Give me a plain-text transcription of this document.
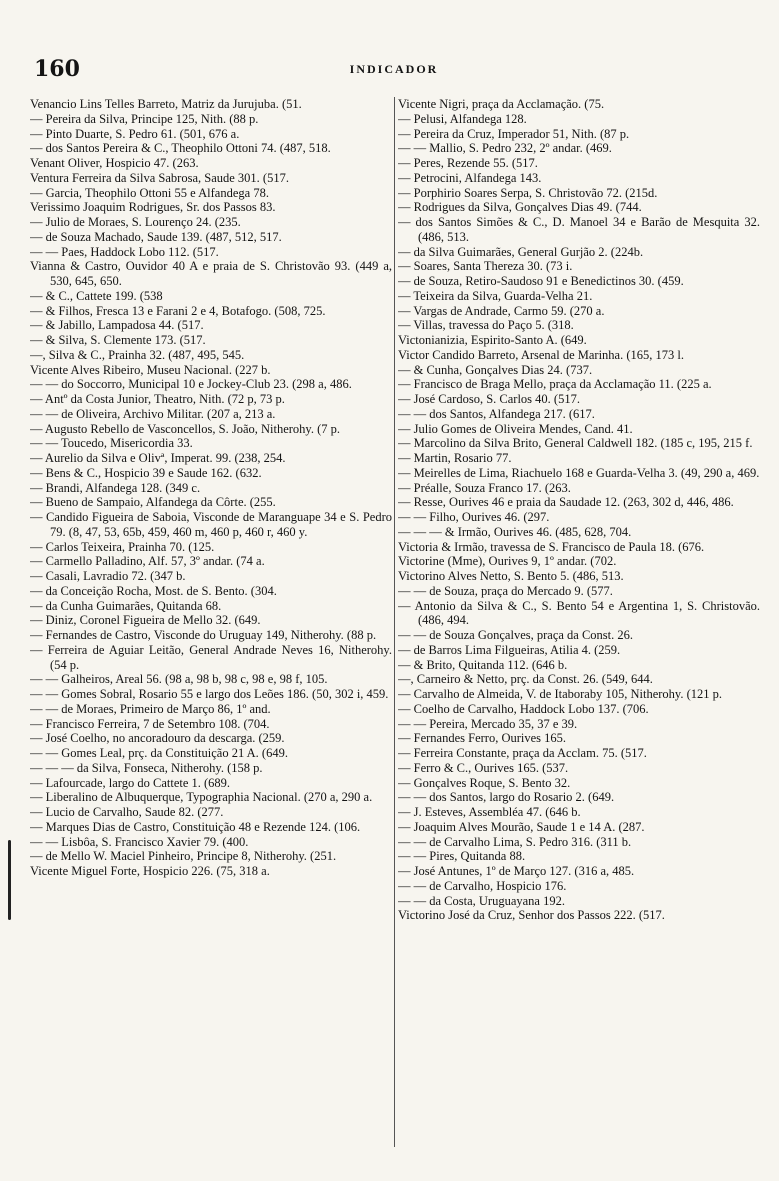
160	INDICADOR

Venancio Lins Telles Barreto, Matriz da Jurujuba. (51.

— Pereira da Silva, Principe 125, Nith. (88 p.

— Pinto Duarte, S. Pedro 61. (501, 676 a.

— dos Santos Pereira & C., Theophilo Ottoni 74. (487, 518.

Venant Oliver, Hospicio 47. (263.

Ventura Ferreira da Silva Sabrosa, Saude 301. (517.

— Garcia, Theophilo Ottoni 55 e Alfandega 78.

Verissimo Joaquim Rodrigues, Sr. dos Passos 83.

— Julio de Moraes, S. Lourenço 24. (235.

— de Souza Machado, Saude 139. (487, 512, 517.

— — Paes, Haddock Lobo 112. (517.

Vianna & Castro, Ouvidor 40 A e praia de S. Christovão 93. (449 a, 530, 645, 650.

— & C., Cattete 199. (538

— & Filhos, Fresca 13 e Farani 2 e 4, Botafogo. (508, 725.

— & Jabillo, Lampadosa 44. (517.

— & Silva, S. Clemente 173. (517.

—, Silva & C., Prainha 32. (487, 495, 545.

Vicente Alves Ribeiro, Museu Nacional. (227 b.

— — do Soccorro, Municipal 10 e Jockey-Club 23. (298 a, 486.

— Antº da Costa Junior, Theatro, Nith. (72 p, 73 p.

— — de Oliveira, Archivo Militar. (207 a, 213 a.

— Augusto Rebello de Vasconcellos, S. João, Nitherohy. (7 p.

— — Toucedo, Misericordia 33.

— Aurelio da Silva e Olivª, Imperat. 99. (238, 254.

— Bens & C., Hospicio 39 e Saude 162. (632.

— Brandi, Alfandega 128. (349 c.

— Bueno de Sampaio, Alfandega da Côrte. (255.

— Candido Figueira de Saboia, Visconde de Maranguape 34 e S. Pedro 79. (8, 47, 53, 65b, 459, 460 m, 460 p, 460 r, 460 y.

— Carlos Teixeira, Prainha 70. (125.

— Carmello Palladino, Alf. 57, 3º andar. (74 a.

— Casali, Lavradio 72. (347 b.

— da Conceição Rocha, Most. de S. Bento. (304.

— da Cunha Guimarães, Quitanda 68.

— Diniz, Coronel Figueira de Mello 32. (649.

— Fernandes de Castro, Visconde do Uruguay 149, Nitherohy. (88 p.

— Ferreira de Aguiar Leitão, General Andrade Neves 16, Nitherohy. (54 p.

— — Galheiros, Areal 56. (98 a, 98 b, 98 c, 98 e, 98 f, 105.

— — Gomes Sobral, Rosario 55 e largo dos Leões 186. (50, 302 i, 459.

— — de Moraes, Primeiro de Março 86, 1º and.

— Francisco Ferreira, 7 de Setembro 108. (704.

— José Coelho, no ancoradouro da descarga. (259.

— — Gomes Leal, prç. da Constituição 21 A. (649.

— — — da Silva, Fonseca, Nitherohy. (158 p.

— Lafourcade, largo do Cattete 1. (689.

— Liberalino de Albuquerque, Typographia Nacional. (270 a, 290 a.

— Lucio de Carvalho, Saude 82. (277.

— Marques Dias de Castro, Constituição 48 e Rezende 124. (106.

— — Lisbôa, S. Francisco Xavier 79. (400.

— de Mello W. Maciel Pinheiro, Principe 8, Nitherohy. (251.

Vicente Miguel Forte, Hospicio 226. (75, 318 a.

Vicente Nigri, praça da Acclamação. (75.

— Pelusi, Alfandega 128.

— Pereira da Cruz, Imperador 51, Nith. (87 p.

— — Mallio, S. Pedro 232, 2º andar. (469.

— Peres, Rezende 55. (517.

— Petrocini, Alfandega 143.

— Porphirio Soares Serpa, S. Christovão 72. (215d.

— Rodrigues da Silva, Gonçalves Dias 49. (744.

— dos Santos Simões & C., D. Manoel 34 e Barão de Mesquita 32. (486, 513.

— da Silva Guimarães, General Gurjão 2. (224b.

— Soares, Santa Thereza 30. (73 i.

— de Souza, Retiro-Saudoso 91 e Benedictinos 30. (459.

— Teixeira da Silva, Guarda-Velha 21.

— Vargas de Andrade, Carmo 59. (270 a.

— Villas, travessa do Paço 5. (318.

Victonianizia, Espirito-Santo A. (649.

Victor Candido Barreto, Arsenal de Marinha. (165, 173 l.

— & Cunha, Gonçalves Dias 24. (737.

— Francisco de Braga Mello, praça da Acclamação 11. (225 a.

— José Cardoso, S. Carlos 40. (517.

— — dos Santos, Alfandega 217. (617.

— Julio Gomes de Oliveira Mendes, Cand. 41.

— Marcolino da Silva Brito, General Caldwell 182. (185 c, 195, 215 f.

— Martin, Rosario 77.

— Meirelles de Lima, Riachuelo 168 e Guarda-Velha 3. (49, 290 a, 469.

— Préalle, Souza Franco 17. (263.

— Resse, Ourives 46 e praia da Saudade 12. (263, 302 d, 446, 486.

— — Filho, Ourives 46. (297.

— — — & Irmão, Ourives 46. (485, 628, 704.

Victoria & Irmão, travessa de S. Francisco de Paula 18. (676.

Victorine (Mme), Ourives 9, 1º andar. (702.

Victorino Alves Netto, S. Bento 5. (486, 513.

— — de Souza, praça do Mercado 9. (577.

— Antonio da Silva & C., S. Bento 54 e Argentina 1, S. Christovão. (486, 494.

— — de Souza Gonçalves, praça da Const. 26.

— de Barros Lima Filgueiras, Atilia 4. (259.

— & Brito, Quitanda 112. (646 b.

—, Carneiro & Netto, prç. da Const. 26. (549, 644.

— Carvalho de Almeida, V. de Itaboraby 105, Nitherohy. (121 p.

— Coelho de Carvalho, Haddock Lobo 137. (706.

— — Pereira, Mercado 35, 37 e 39.

— Fernandes Ferro, Ourives 165.

— Ferreira Constante, praça da Acclam. 75. (517.

— Ferro & C., Ourives 165. (537.

— Gonçalves Roque, S. Bento 32.

— — dos Santos, largo do Rosario 2. (649.

— J. Esteves, Assembléa 47. (646 b.

— Joaquim Alves Mourão, Saude 1 e 14 A. (287.

— — de Carvalho Lima, S. Pedro 316. (311 b.

— — Pires, Quitanda 88.

— José Antunes, 1º de Março 127. (316 a, 485.

— — de Carvalho, Hospicio 176.

— — da Costa, Uruguayana 192.

Victorino José da Cruz, Senhor dos Passos 222. (517.
